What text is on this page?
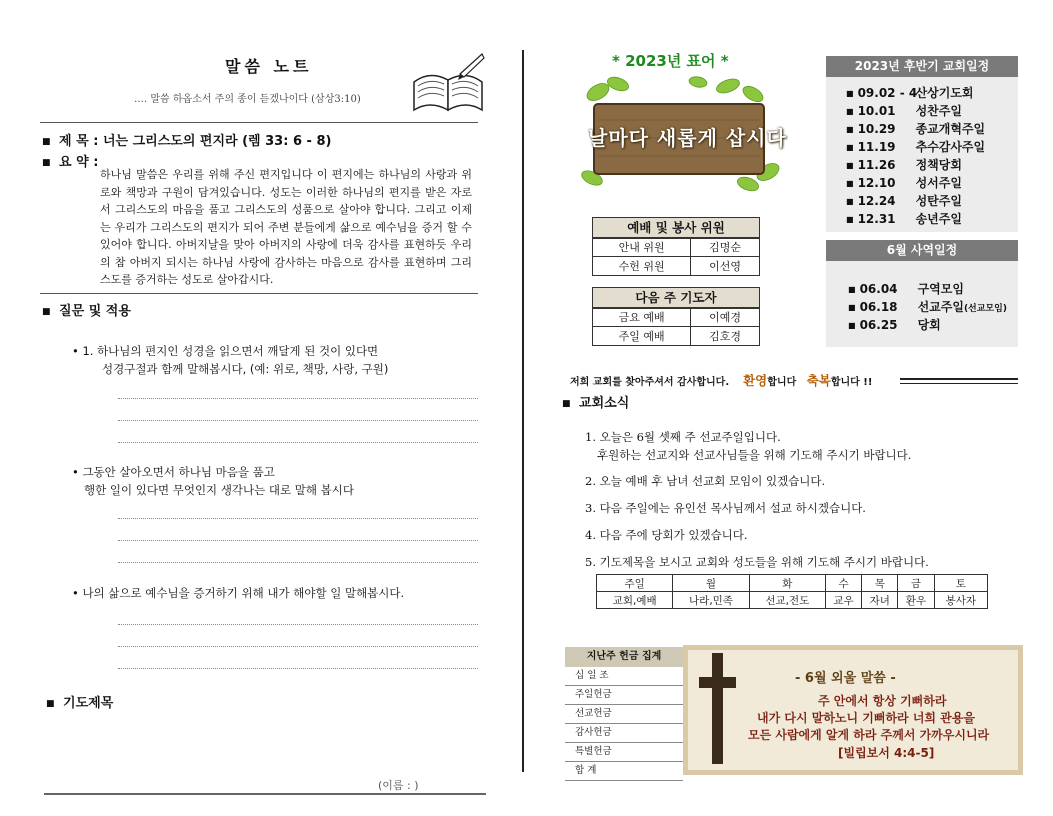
말씀 노트
…. 말씀 하옵소서 주의 종이 듣겠나이다 (삼상3:10)
■ 제 목 : 너는 그리스도의 편지라 (렘 33: 6 - 8)
■ 요 약 :
하나님 말씀은 우리를 위해 주신 편지입니다 이 편지에는 하나님의 사랑과 위로와 책망과 구원이 담겨있습니다. 성도는 이러한 하나님의 편지를 받은 자로서 그리스도의 마음을 품고 그리스도의 성품으로 살아야 합니다. 그리고 이제는 우리가 그리스도의 편지가 되어 주변 분들에게 삶으로 예수님을 증거 할 수 있어야 합니다. 아버지날을 맞아 아버지의 사랑에 더욱 감사를 표현하듯 우리의 참 아버지 되시는 하나님 사랑에 감사하는 마음으로 감사를 표현하며 그리스도를 증거하는 성도로 살아갑시다.
■ 질문 및 적용
• 1. 하나님의 편지인 성경을 읽으면서 깨달게 된 것이 있다면
성경구절과 함께 말해봅시다, (예: 위로, 책망, 사랑, 구원)
• 그동안 살아오면서 하나님 마음을 품고
행한 일이 있다면 무엇인지 생각나는 대로 말해 봅시다
• 나의 삶으로 예수님을 증거하기 위해 내가 해야할 일 말해봅시다.
■ 기도제목
(이름 : )
* 2023년 표어 *
날마다 새롭게 삽시다
2023년 후반기 교회일정
■ 09.02 - 4산상기도회
■ 10.01 성찬주일
■ 10.29 종교개혁주일
■ 11.19 추수감사주일
■ 11.26 정책당회
■ 12.10 성서주일
■ 12.24 성탄주일
■ 12.31 송년주일
6월 사역일정
■ 06.04 구역모임
■ 06.18 선교주일(선교모임)
■ 06.25 당회
예배 및 봉사 위원
안내 위원	김명순
수헌 위원	이선영
다음 주 기도자
금요 예배	이예경
주일 예배	김호경
저희 교회를 찾아주셔서 감사합니다. 환영합니다 축복합니다 !!
■ 교회소식
1. 오늘은 6월 셋째 주 선교주일입니다.
후원하는 선교지와 선교사님들을 위해 기도해 주시기 바랍니다.
2. 오늘 예배 후 남녀 선교회 모임이 있겠습니다.
3. 다음 주일에는 유인선 목사님께서 설교 하시겠습니다.
4. 다음 주에 당회가 있겠습니다.
5. 기도제목을 보시고 교회와 성도들을 위해 기도해 주시기 바랍니다.
주일	월	화	수	목	금	토
교회,예배	나라,민족	선교,전도	교우	자녀	환우	봉사자
지난주 헌금 집계
십 일 조
주일헌금
선교헌금
감사헌금
특별헌금
합 계
- 6월 외울 말씀 -
주 안에서 항상 기뻐하라
내가 다시 말하노니 기뻐하라 너희 관용을
모든 사람에게 알게 하라 주께서 가까우시니라
[빌립보서 4:4-5]
